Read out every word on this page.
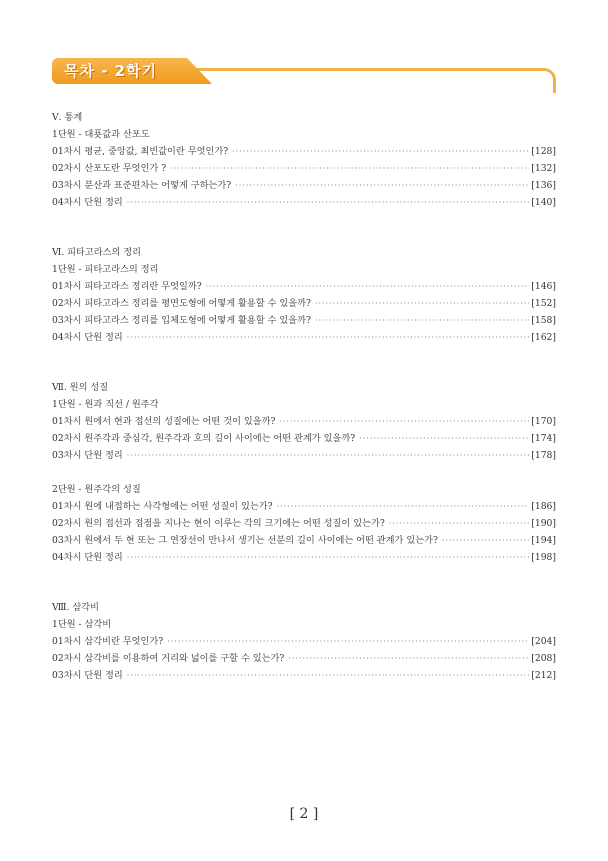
목차 - 2학기
Ⅴ. 통계
1단원 - 대푯값과 산포도
01차시 평균, 중앙값, 최빈값이란 무엇인가? ·····	[128]
02차시 산포도란 무엇인가 ? ·····	[132]
03차시 분산과 표준편차는 어떻게 구하는가? ·····	[136]
04차시 단원 정리 ·····	[140]
Ⅵ. 피타고라스의 정리
1단원 - 피타고라스의 정리
01차시 피타고라스 정리란 무엇일까? ·····	[146]
02차시 피타고라스 정리를 평면도형에 어떻게 활용할 수 있을까? ·····	[152]
03차시 피타고라스 정리를 입체도형에 어떻게 활용할 수 있을까? ·····	[158]
04차시 단원 정리 ·····	[162]
Ⅶ. 원의 성질
1단원 - 원과 직선 / 원주각
01차시 원에서 현과 접선의 성질에는 어떤 것이 있을까? ·····	[170]
02차시 원주각과 중심각, 원주각과 호의 길이 사이에는 어떤 관계가 있을까? ·····	[174]
03차시 단원 정리 ·····	[178]
2단원 - 원주각의 성질
01차시 원에 내접하는 사각형에는 어떤 성질이 있는가? ·····	[186]
02차시 원의 접선과 접점을 지나는 현이 이루는 각의 크기에는 어떤 성질이 있는가? ·····	[190]
03차시 원에서 두 현 또는 그 연장선이 만나서 생기는 선분의 길이 사이에는 어떤 관계가 있는가? ·····	[194]
04차시 단원 정리 ·····	[198]
Ⅷ. 삼각비
1단원 - 삼각비
01차시 삼각비란 무엇인가? ·····	[204]
02차시 삼각비를 이용하여 거리와 넓이를 구할 수 있는가? ·····	[208]
03차시 단원 정리 ·····	[212]
[ 2 ]
